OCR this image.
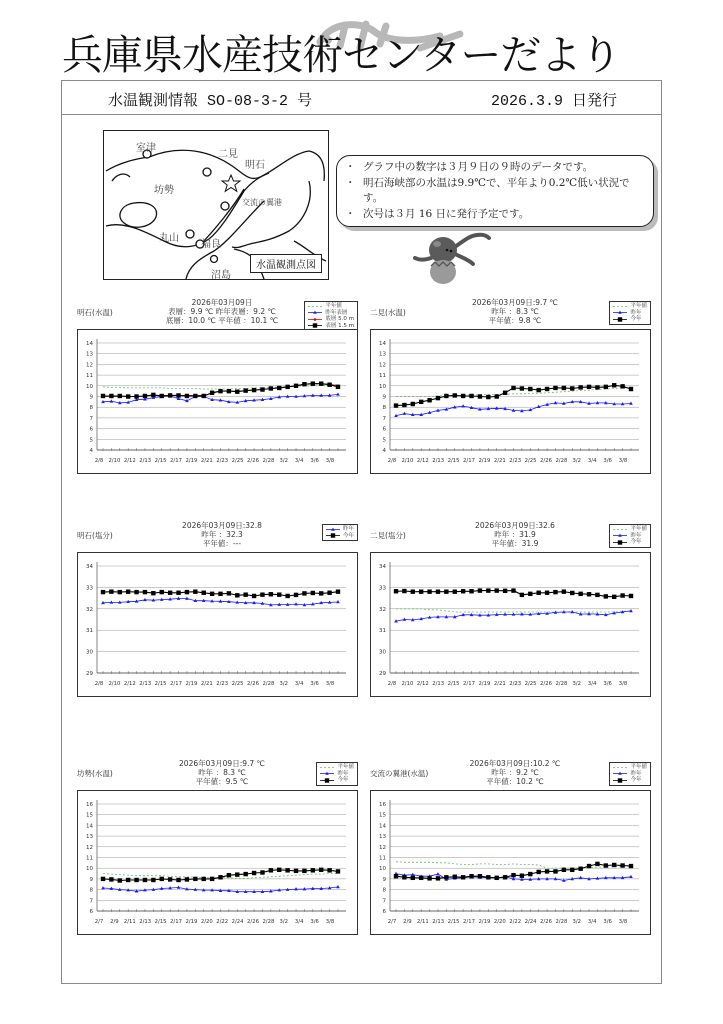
兵庫県水産技術センターだより
水温観測情報 SO-08-3-2 号	2026.3.9 日発行
室津
二見
明石
坊勢
交流の翼港
丸山
福良
沼島
水温観測点図
・ グラフ中の数字は３月９日の９時のデータです。
・ 明石海峡部の水温は9.9℃で、平年より0.2℃低い状況です。
・ 次号は３月 16 日に発行予定です。
明石(水温)
2026年03月09日
表層：9.9 ℃ 昨年表層：9.2 ℃
底層：10.0 ℃ 平年値 ：10.1 ℃
平年値
昨年表層
底層 5.0 m
表層 1.5 m
4
5
6
7
8
9
10
11
12
13
14
2/8 2/10 2/12 2/13 2/15 2/17 2/19 2/21 2/23 2/25 2/26 2/28 3/2 3/4 3/6 3/8
二見(水温)
2026年03月09日:9.7 ℃
昨年 ：8.3 ℃
平年値：9.8 ℃
平年値
昨年
今年
4
5
6
7
8
9
10
11
12
13
14
2/8 2/10 2/12 2/13 2/15 2/17 2/19 2/21 2/23 2/25 2/26 2/28 3/2 3/4 3/6 3/8
明石(塩分)
2026年03月09日:32.8
昨年 ：32.3
平年値：---
昨年
今年
29
30
31
32
33
34
2/8 2/10 2/12 2/13 2/15 2/17 2/19 2/21 2/23 2/25 2/26 2/28 3/2 3/4 3/6 3/8
二見(塩分)
2026年03月09日:32.6
昨年 ：31.9
平年値：31.9
平年値
昨年
今年
29
30
31
32
33
34
2/8 2/10 2/12 2/13 2/15 2/17 2/19 2/21 2/23 2/25 2/26 2/28 3/2 3/4 3/6 3/8
坊勢(水温)
2026年03月09日:9.7 ℃
昨年 ：8.3 ℃
平年値：9.5 ℃
平年値
昨年
今年
6
7
8
9
10
11
12
13
14
15
16
2/7 2/9 2/11 2/13 2/15 2/17 2/19 2/20 2/22 2/24 2/26 2/28 3/2 3/4 3/6 3/8
交流の翼港(水温)
2026年03月09日:10.2 ℃
昨年 ：9.2 ℃
平年値：10.2 ℃
平年値
昨年
今年
6
7
8
9
10
11
12
13
14
15
16
2/7 2/9 2/11 2/13 2/15 2/17 2/19 2/20 2/22 2/24 2/26 2/28 3/2 3/4 3/6 3/8
